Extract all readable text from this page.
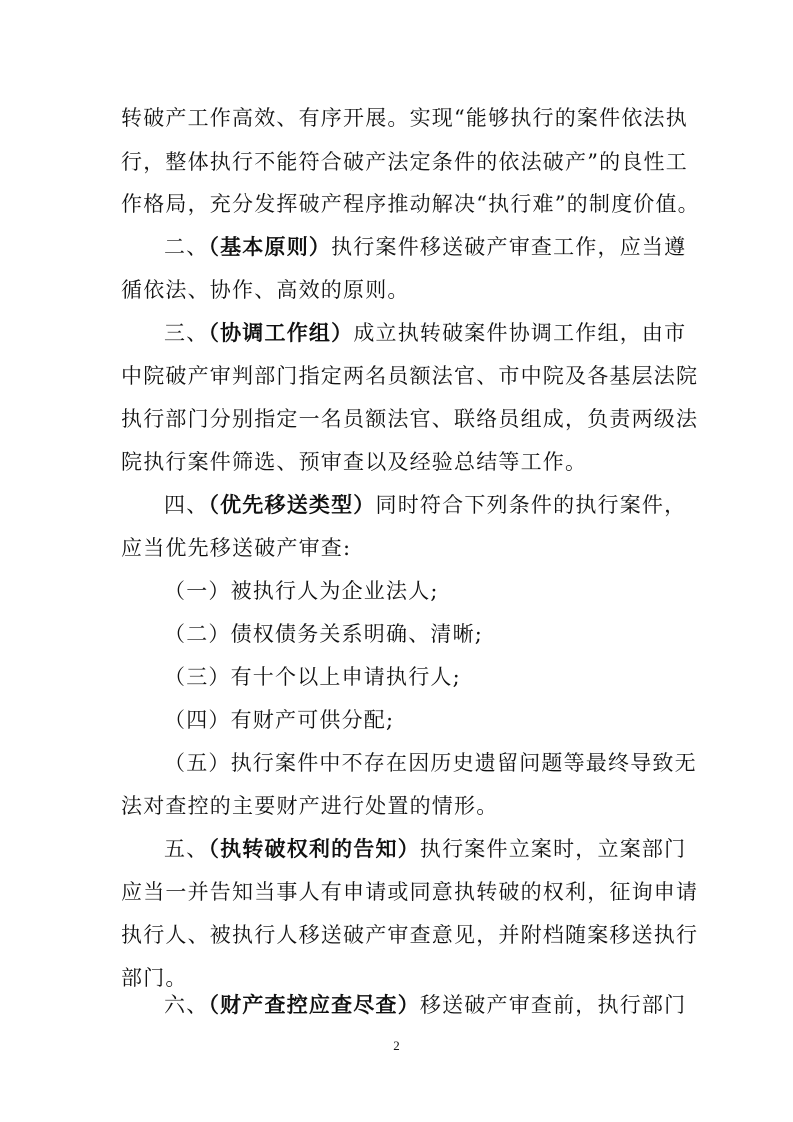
转破产工作高效、有序开展。实现“能够执行的案件依法执
行，整体执行不能符合破产法定条件的依法破产”的良性工
作格局，充分发挥破产程序推动解决“执行难”的制度价值。
二、（基本原则）执行案件移送破产审查工作，应当遵
循依法、协作、高效的原则。
三、（协调工作组）成立执转破案件协调工作组，由市
中院破产审判部门指定两名员额法官、市中院及各基层法院
执行部门分别指定一名员额法官、联络员组成，负责两级法
院执行案件筛选、预审查以及经验总结等工作。
四、（优先移送类型）同时符合下列条件的执行案件，
应当优先移送破产审查:
（一）被执行人为企业法人;
（二）债权债务关系明确、清晰;
（三）有十个以上申请执行人;
（四）有财产可供分配;
（五）执行案件中不存在因历史遗留问题等最终导致无
法对查控的主要财产进行处置的情形。
五、（执转破权利的告知）执行案件立案时，立案部门
应当一并告知当事人有申请或同意执转破的权利，征询申请
执行人、被执行人移送破产审查意见，并附档随案移送执行
部门。
六、（财产查控应查尽查）移送破产审查前，执行部门
2
